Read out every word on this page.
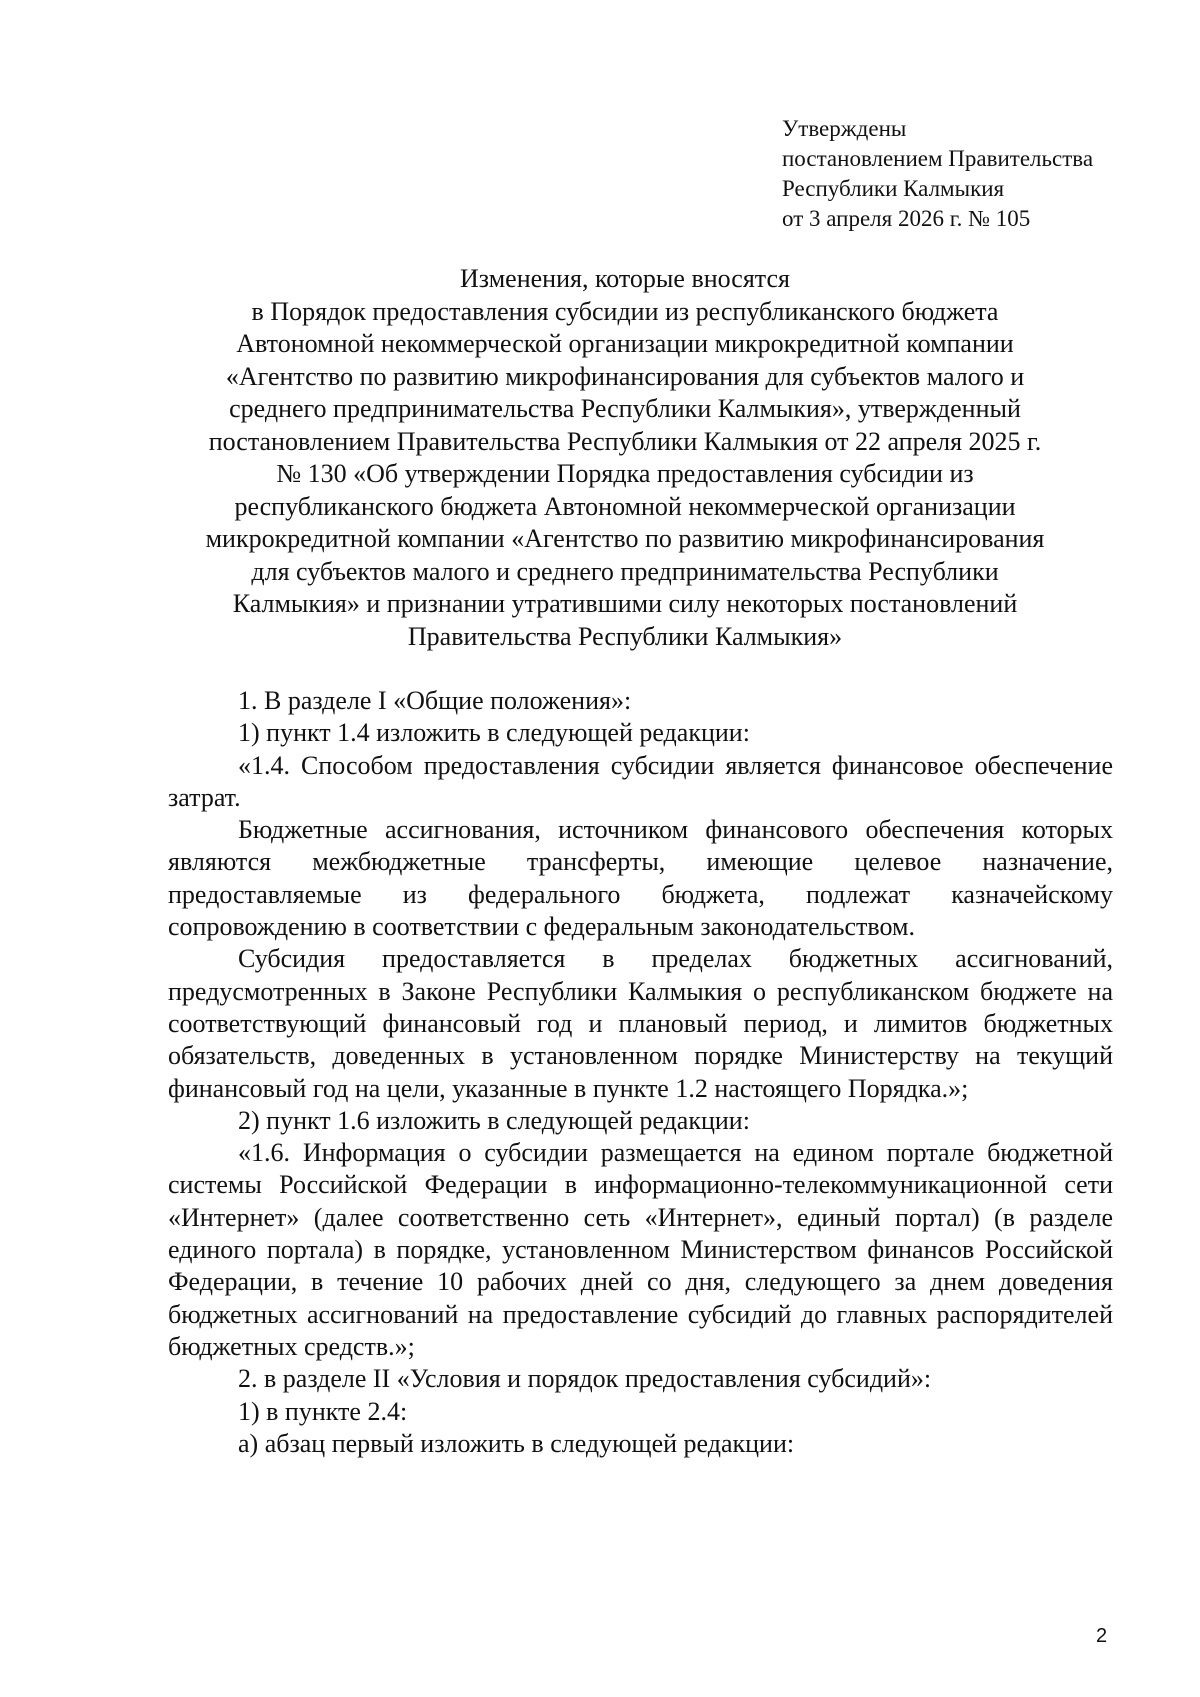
Утверждены
постановлением Правительства
Республики Калмыкия
от 3 апреля 2026 г. № 105
Изменения, которые вносятся
в Порядок предоставления субсидии из республиканского бюджета
Автономной некоммерческой организации микрокредитной компании
«Агентство по развитию микрофинансирования для субъектов малого и
среднего предпринимательства Республики Калмыкия», утвержденный
постановлением Правительства Республики Калмыкия от 22 апреля 2025 г.
№ 130 «Об утверждении Порядка предоставления субсидии из
республиканского бюджета Автономной некоммерческой организации
микрокредитной компании «Агентство по развитию микрофинансирования
для субъектов малого и среднего предпринимательства Республики
Калмыкия» и признании утратившими силу некоторых постановлений
Правительства Республики Калмыкия»

1. В разделе I «Общие положения»:

1) пункт 1.4 изложить в следующей редакции:

«1.4. Способом предоставления субсидии является финансовое обеспечение затрат.

Бюджетные ассигнования, источником финансового обеспечения которых являются межбюджетные трансферты, имеющие целевое назначение, предоставляемые из федерального бюджета, подлежат казначейскому сопровождению в соответствии с федеральным законодательством.

Субсидия предоставляется в пределах бюджетных ассигнований, предусмотренных в Законе Республики Калмыкия о республиканском бюджете на соответствующий финансовый год и плановый период, и лимитов бюджетных обязательств, доведенных в установленном порядке Министерству на текущий финансовый год на цели, указанные в пункте 1.2 настоящего Порядка.»;

2) пункт 1.6 изложить в следующей редакции:

«1.6. Информация о субсидии размещается на едином портале бюджетной системы Российской Федерации в информационно-телекоммуникационной сети «Интернет» (далее соответственно сеть «Интернет», единый портал) (в разделе единого портала) в порядке, установленном Министерством финансов Российской Федерации, в течение 10 рабочих дней со дня, следующего за днем доведения бюджетных ассигнований на предоставление субсидий до главных распорядителей бюджетных средств.»;

2. в разделе II «Условия и порядок предоставления субсидий»:

1) в пункте 2.4:

а) абзац первый изложить в следующей редакции:

2
